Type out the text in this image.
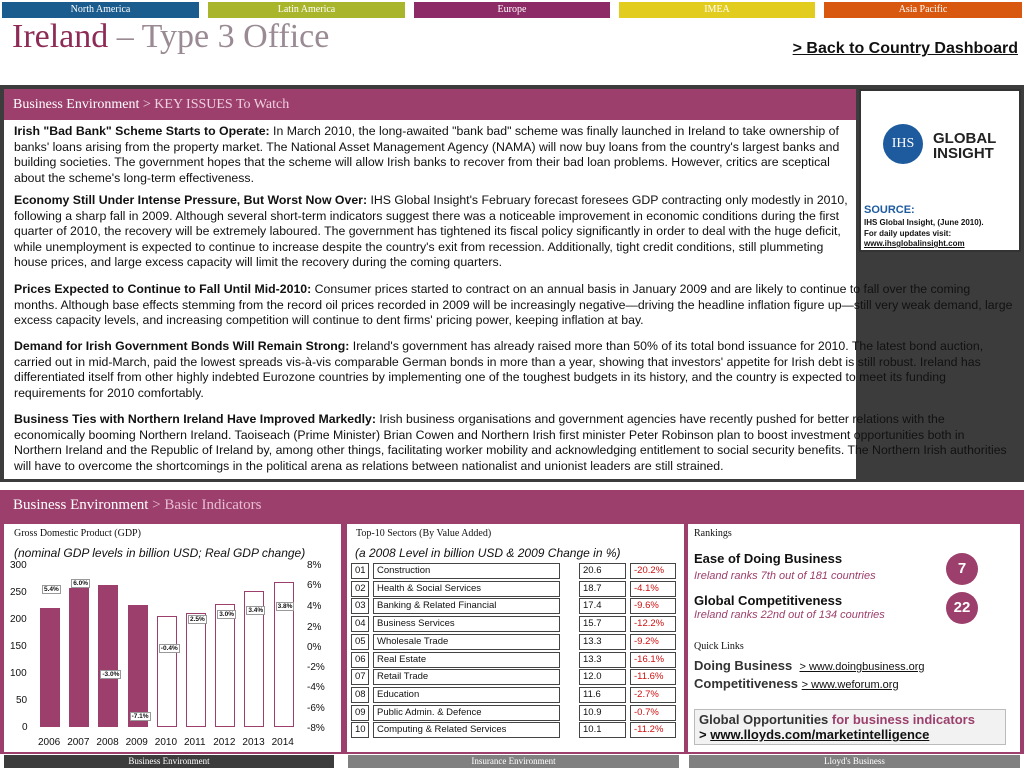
North America	Latin America	Europe	IMEA	Asia Pacific
Ireland – Type 3 Office	> Back to Country Dashboard
Business Environment > KEY ISSUES To Watch
IHS	GLOBAL
INSIGHT
SOURCE:
IHS Global Insight, (June 2010).
For daily updates visit:
www.ihsglobalinsight.com
Irish "Bad Bank" Scheme Starts to Operate: In March 2010, the long-awaited "bank bad" scheme was finally launched in Ireland to take ownership of banks' loans arising from the property market. The National Asset Management Agency (NAMA) will now buy loans from the country's largest banks and building societies. The government hopes that the scheme will allow Irish banks to recover from their bad loan problems. However, critics are sceptical about the scheme's long-term effectiveness.
Economy Still Under Intense Pressure, But Worst Now Over: IHS Global Insight's February forecast foresees GDP contracting only modestly in 2010, following a sharp fall in 2009. Although several short-term indicators suggest there was a noticeable improvement in economic conditions during the first quarter of 2010, the recovery will be extremely laboured. The government has tightened its fiscal policy significantly in order to deal with the huge deficit, while unemployment is expected to continue to increase despite the country's exit from recession. Additionally, tight credit conditions, still plummeting house prices, and large excess capacity will limit the recovery during the coming quarters.
Prices Expected to Continue to Fall Until Mid-2010: Consumer prices started to contract on an annual basis in January 2009 and are likely to continue to fall over the coming months. Although base effects stemming from the record oil prices recorded in 2009 will be increasingly negative—driving the headline inflation figure up—still very weak demand, large excess capacity levels, and increasing competition will continue to dent firms' pricing power, keeping inflation at bay.
Demand for Irish Government Bonds Will Remain Strong: Ireland's government has already raised more than 50% of its total bond issuance for 2010. The latest bond auction, carried out in mid-March, paid the lowest spreads vis-à-vis comparable German bonds in more than a year, showing that investors' appetite for Irish debt is still robust. Ireland has differentiated itself from other highly indebted Eurozone countries by implementing one of the toughest budgets in its history, and the country is expected to meet its funding requirements for 2010 comfortably.
Business Ties with Northern Ireland Have Improved Markedly: Irish business organisations and government agencies have recently pushed for better relations with the economically booming Northern Ireland. Taoiseach (Prime Minister) Brian Cowen and Northern Irish first minister Peter Robinson plan to boost investment opportunities both in Northern Ireland and the Republic of Ireland by, among other things, facilitating worker mobility and acknowledging entitlement to social security benefits. The Northern Irish authorities will have to overcome the shortcomings in the political arena as relations between nationalist and unionist leaders are still strained.
Business Environment > Basic Indicators
Gross Domestic Product (GDP)
(nominal GDP levels in billion USD; Real GDP change)
300
250
200
150
100
50
0
8%
6%
4%
2%
0%
-2%
-4%
-6%
-8%
5.4%
2006
6.0%
2007
-3.0%
2008
-7.1%
2009
-0.4%
2010
2.5%
2011
3.0%
2012
3.4%
2013
3.8%
2014
Top-10 Sectors (By Value Added)
(a 2008 Level in billion USD & 2009 Change in %)
01	Construction	20.6	-20.2%
02	Health & Social Services	18.7	-4.1%
03	Banking & Related Financial	17.4	-9.6%
04	Business Services	15.7	-12.2%
05	Wholesale Trade	13.3	-9.2%
06	Real Estate	13.3	-16.1%
07	Retail Trade	12.0	-11.6%
08	Education	11.6	-2.7%
09	Public Admin. & Defence	10.9	-0.7%
10	Computing & Related Services	10.1	-11.2%
Rankings
Ease of Doing Business
Ireland ranks 7th out of 181 countries	7
Global Competitiveness
Ireland ranks 22nd out of 134 countries	22
Quick Links
Doing Business > www.doingbusiness.org
Competitiveness > www.weforum.org
Global Opportunities for business indicators
> www.lloyds.com/marketintelligence
Business Environment	Insurance Environment	Lloyd's Business
